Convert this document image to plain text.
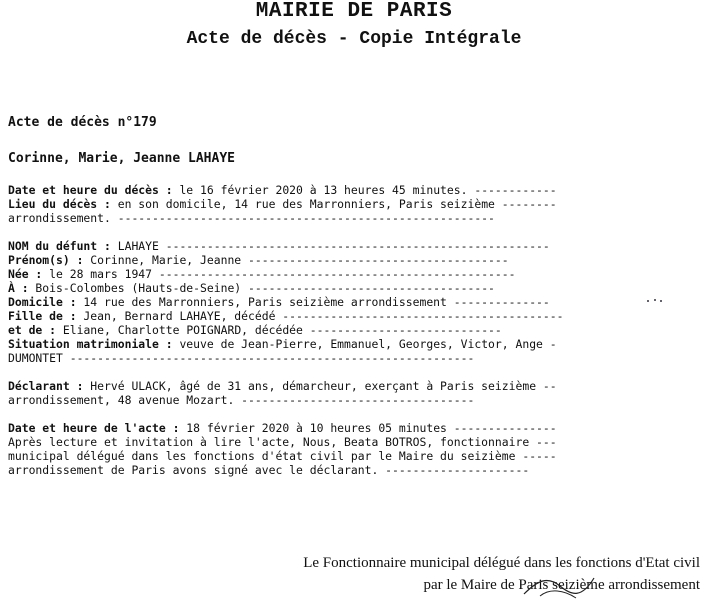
MAIRIE DE PARIS
Acte de décès - Copie Intégrale
Acte de décès n°179
Corinne, Marie, Jeanne LAHAYE
Date et heure du décès : le 16 février 2020 à 13 heures 45 minutes. ------------
Lieu du décès : en son domicile, 14 rue des Marronniers, Paris seizième --------
arrondissement. -------------------------------------------------------
NOM du défunt : LAHAYE --------------------------------------------------------
Prénom(s) : Corinne, Marie, Jeanne --------------------------------------
Née : le 28 mars 1947 ----------------------------------------------------
À : Bois-Colombes (Hauts-de-Seine) ------------------------------------
Domicile : 14 rue des Marronniers, Paris seizième arrondissement --------------
Fille de : Jean, Bernard LAHAYE, décédé -----------------------------------------
et de : Eliane, Charlotte POIGNARD, décédée ----------------------------
Situation matrimoniale : veuve de Jean-Pierre, Emmanuel, Georges, Victor, Ange -
DUMONTET -----------------------------------------------------------
Déclarant : Hervé ULACK, âgé de 31 ans, démarcheur, exerçant à Paris seizième --
arrondissement, 48 avenue Mozart. ----------------------------------
Date et heure de l'acte : 18 février 2020 à 10 heures 05 minutes ---------------
Après lecture et invitation à lire l'acte, Nous, Beata BOTROS, fonctionnaire ---
municipal délégué dans les fonctions d'état civil par le Maire du seizième -----
arrondissement de Paris avons signé avec le déclarant. ---------------------
Le Fonctionnaire municipal délégué dans les fonctions d'Etat civil
par le Maire de Paris seizième arrondissement
